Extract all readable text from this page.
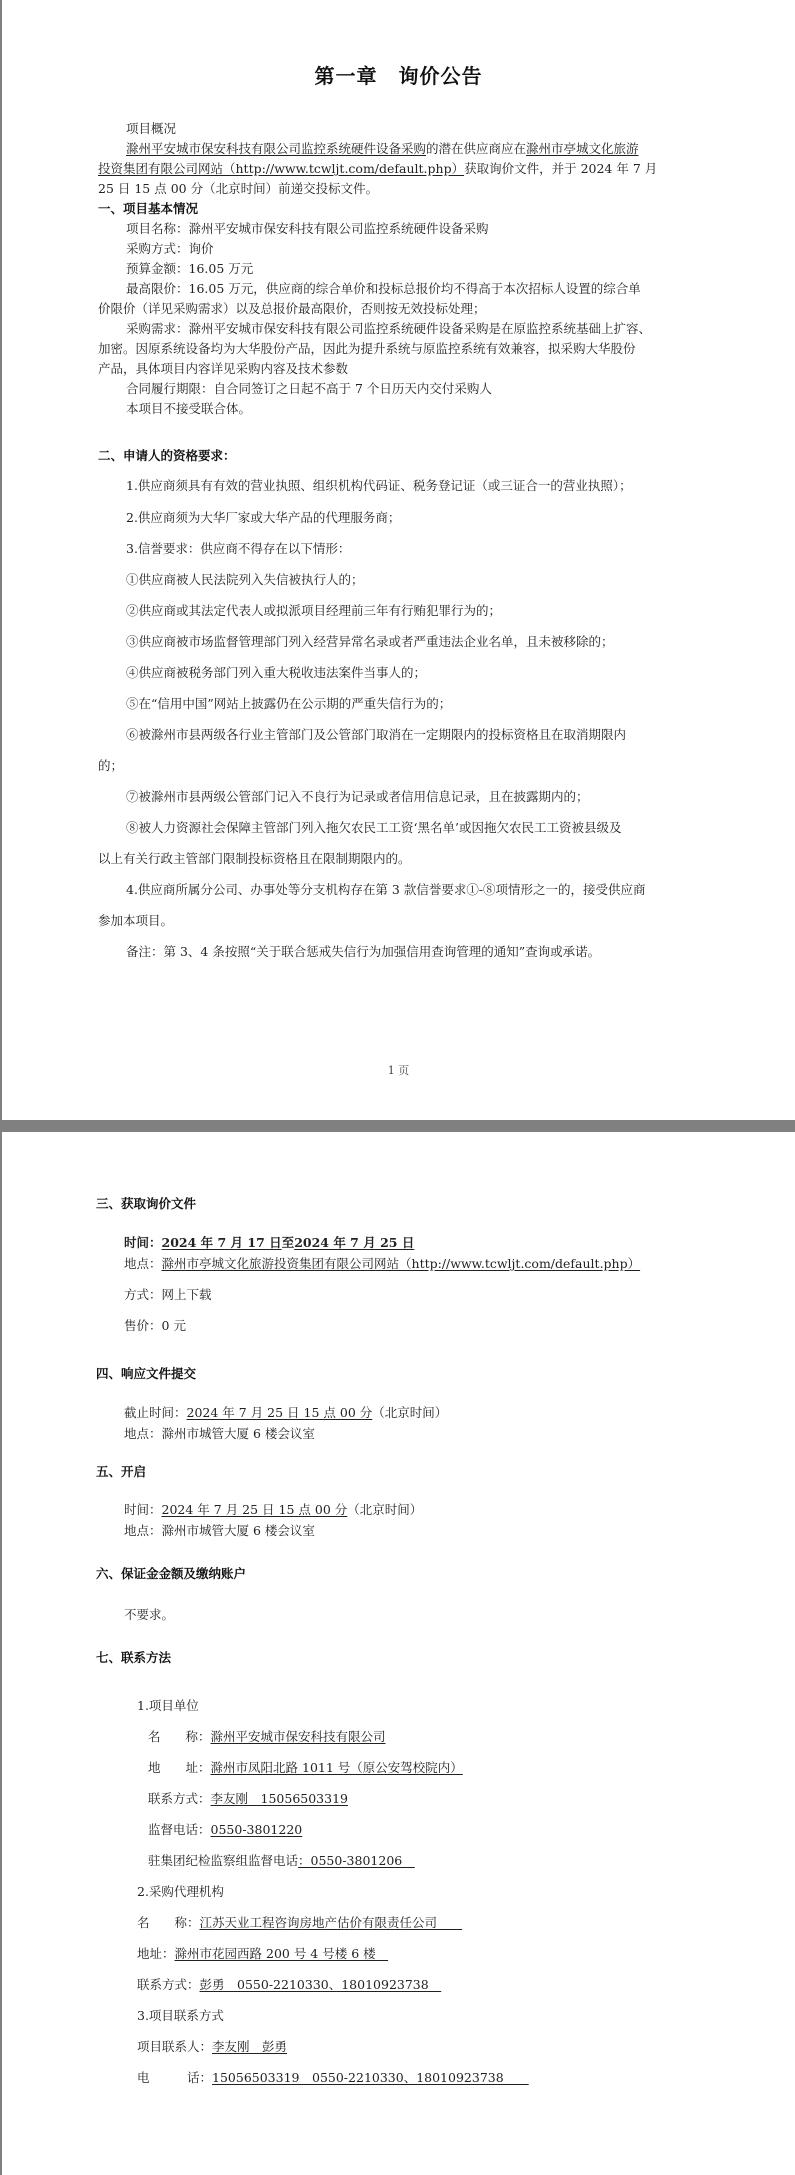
第一章　询价公告
项目概况
滁州平安城市保安科技有限公司监控系统硬件设备采购的潜在供应商应在滁州市亭城文化旅游
投资集团有限公司网站（http://www.tcwljt.com/default.php）获取询价文件，并于 2024 年 7 月
25 日 15 点 00 分（北京时间）前递交投标文件。
一、项目基本情况
项目名称：滁州平安城市保安科技有限公司监控系统硬件设备采购
采购方式：询价
预算金额：16.05 万元
最高限价：16.05 万元，供应商的综合单价和投标总报价均不得高于本次招标人设置的综合单
价限价（详见采购需求）以及总报价最高限价，否则按无效投标处理；
采购需求：滁州平安城市保安科技有限公司监控系统硬件设备采购是在原监控系统基础上扩容、
加密。因原系统设备均为大华股份产品，因此为提升系统与原监控系统有效兼容，拟采购大华股份
产品，具体项目内容详见采购内容及技术参数
合同履行期限：自合同签订之日起不高于 7 个日历天内交付采购人
本项目不接受联合体。
二、申请人的资格要求：
1.供应商须具有有效的营业执照、组织机构代码证、税务登记证（或三证合一的营业执照）；
2.供应商须为大华厂家或大华产品的代理服务商；
3.信誉要求：供应商不得存在以下情形：
①供应商被人民法院列入失信被执行人的；
②供应商或其法定代表人或拟派项目经理前三年有行贿犯罪行为的；
③供应商被市场监督管理部门列入经营异常名录或者严重违法企业名单，且未被移除的；
④供应商被税务部门列入重大税收违法案件当事人的；
⑤在“信用中国”网站上披露仍在公示期的严重失信行为的；
⑥被滁州市县两级各行业主管部门及公管部门取消在一定期限内的投标资格且在取消期限内
的；
⑦被滁州市县两级公管部门记入不良行为记录或者信用信息记录，且在披露期内的；
⑧被人力资源社会保障主管部门列入拖欠农民工工资‘黑名单’或因拖欠农民工工资被县级及
以上有关行政主管部门限制投标资格且在限制期限内的。
4.供应商所属分公司、办事处等分支机构存在第 3 款信誉要求①-⑧项情形之一的，接受供应商
参加本项目。
备注：第 3、4 条按照“关于联合惩戒失信行为加强信用查询管理的通知”查询或承诺。
1 页
三、获取询价文件
时间：2024 年 7 月 17 日至2024 年 7 月 25 日
地点：滁州市亭城文化旅游投资集团有限公司网站（http://www.tcwljt.com/default.php）
方式：网上下载
售价：0 元
四、响应文件提交
截止时间：2024 年 7 月 25 日 15 点 00 分（北京时间）
地点：滁州市城管大厦 6 楼会议室
五、开启
时间：2024 年 7 月 25 日 15 点 00 分（北京时间）
地点：滁州市城管大厦 6 楼会议室
六、保证金金额及缴纳账户
不要求。
七、联系方法
1.项目单位
名　　称：滁州平安城市保安科技有限公司
地　　址：滁州市凤阳北路 1011 号（原公安驾校院内）
联系方式：李友刚　15056503319
监督电话：0550-3801220
驻集团纪检监察组监督电话：0550-3801206　
2.采购代理机构
名　　称：江苏天业工程咨询房地产估价有限责任公司　　
地址：滁州市花园西路 200 号 4 号楼 6 楼　
联系方式：彭勇　0550-2210330、18010923738　
3.项目联系方式
项目联系人：李友刚　彭勇
电　　　话：15056503319　0550-2210330、18010923738　　
